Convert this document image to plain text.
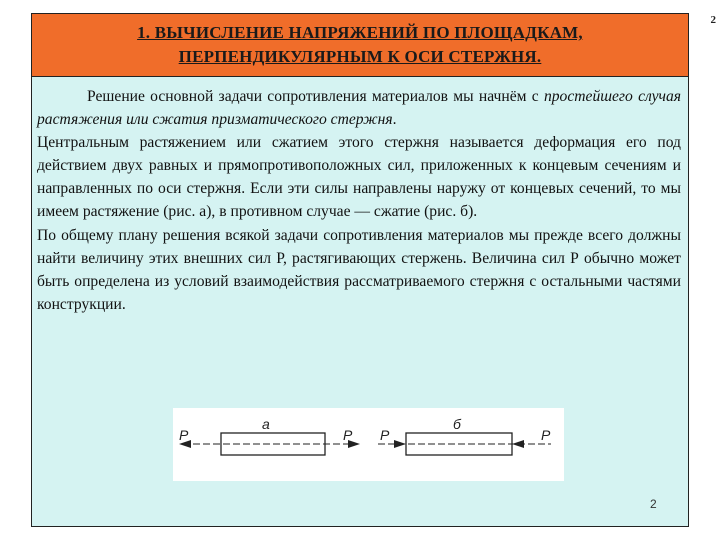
2
1. ВЫЧИСЛЕНИЕ НАПРЯЖЕНИЙ ПО ПЛОЩАДКАМ,
ПЕРПЕНДИКУЛЯРНЫМ К ОСИ СТЕРЖНЯ.

Решение основной задачи сопротивления материалов мы начнём с простейшего случая растяжения или сжатия призматического стержня.

Центральным растяжением или сжатием этого стержня называется деформация его под действием двух равных и прямопротивоположных сил, приложенных к концевым сечениям и направленных по оси стержня. Если эти силы направлены наружу от концевых сечений, то мы имеем растяжение (рис. а), в противном случае — сжатие (рис. б).

По общему плану решения всякой задачи сопротивления материалов мы прежде всего должны найти величину этих внешних сил Р, растягивающих стержень. Величина сил Р обычно может быть определена из условий взаимодействия рассматриваемого стержня с остальными частями конструкции.

P	P
а
P	P
б
2
